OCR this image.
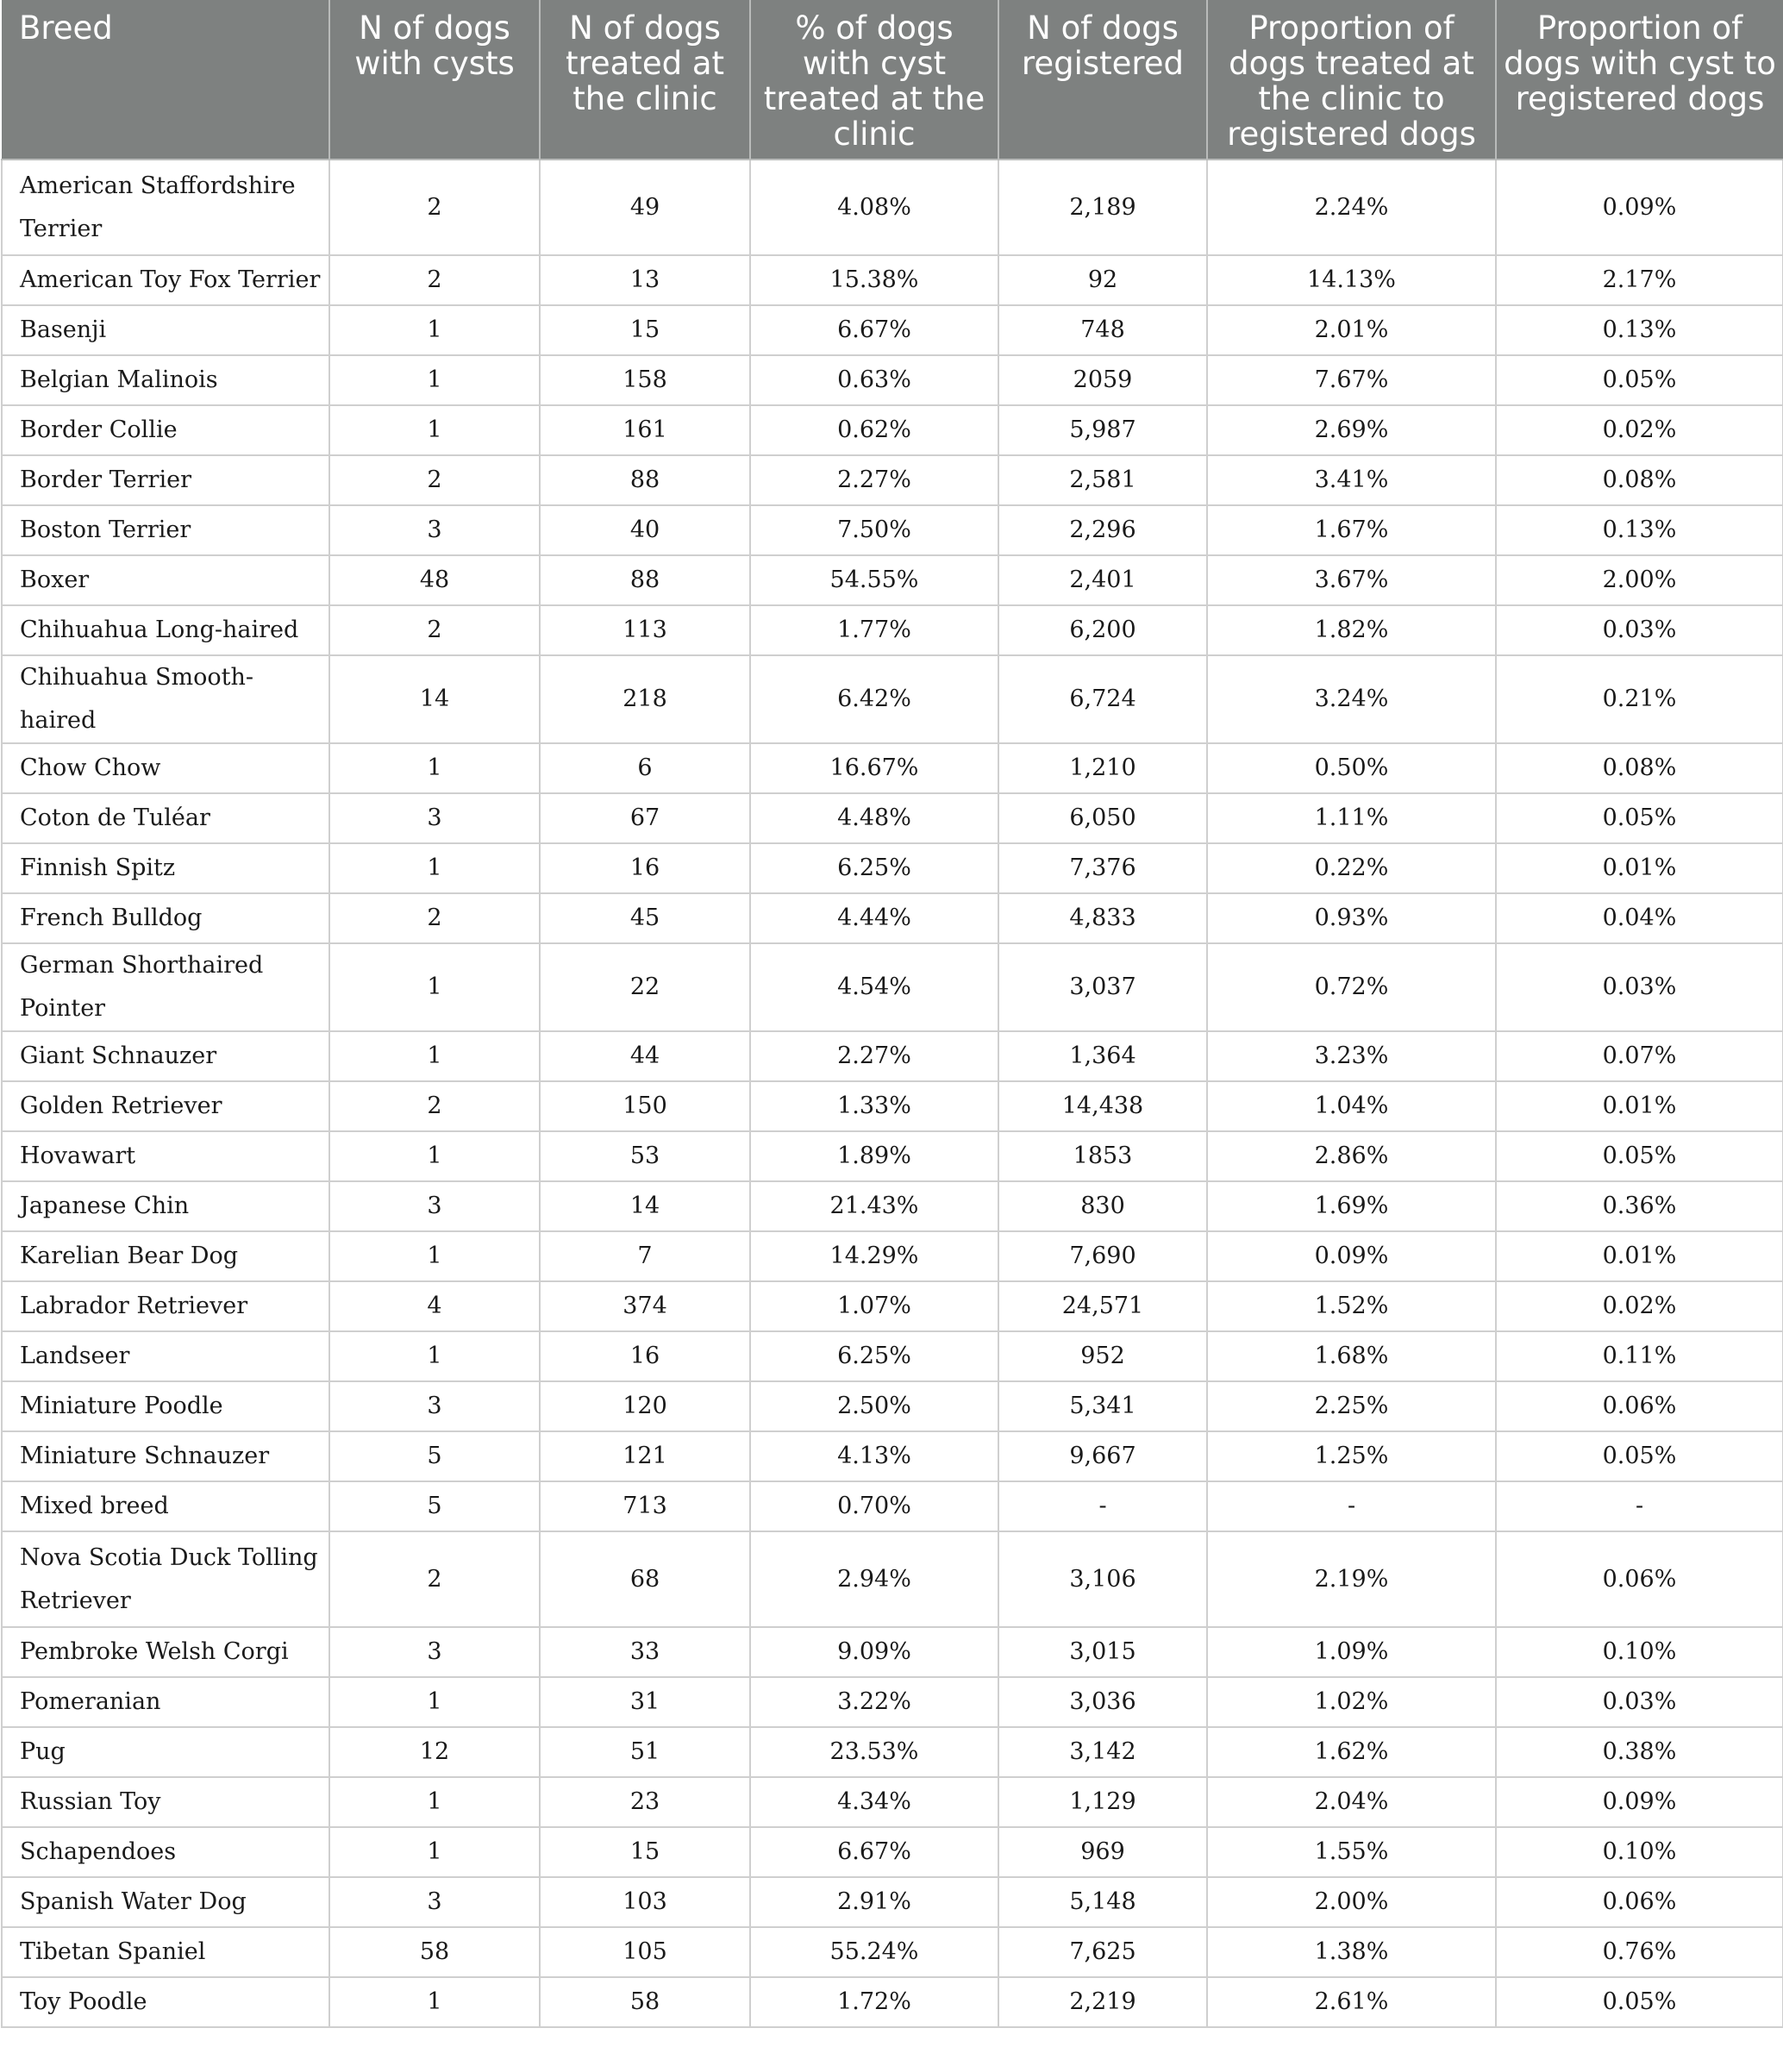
Breed	N of dogs with cysts	N of dogs treated at the clinic	% of dogs with cyst treated at the clinic	N of dogs registered	Proportion of dogs treated at the clinic to registered dogs	Proportion of dogs with cyst to registered dogs
American Staffordshire Terrier	2	49	4.08%	2,189	2.24%	0.09%
American Toy Fox Terrier	2	13	15.38%	92	14.13%	2.17%
Basenji	1	15	6.67%	748	2.01%	0.13%
Belgian Malinois	1	158	0.63%	2059	7.67%	0.05%
Border Collie	1	161	0.62%	5,987	2.69%	0.02%
Border Terrier	2	88	2.27%	2,581	3.41%	0.08%
Boston Terrier	3	40	7.50%	2,296	1.67%	0.13%
Boxer	48	88	54.55%	2,401	3.67%	2.00%
Chihuahua Long-haired	2	113	1.77%	6,200	1.82%	0.03%
Chihuahua Smooth-haired	14	218	6.42%	6,724	3.24%	0.21%
Chow Chow	1	6	16.67%	1,210	0.50%	0.08%
Coton de Tuléar	3	67	4.48%	6,050	1.11%	0.05%
Finnish Spitz	1	16	6.25%	7,376	0.22%	0.01%
French Bulldog	2	45	4.44%	4,833	0.93%	0.04%
German Shorthaired Pointer	1	22	4.54%	3,037	0.72%	0.03%
Giant Schnauzer	1	44	2.27%	1,364	3.23%	0.07%
Golden Retriever	2	150	1.33%	14,438	1.04%	0.01%
Hovawart	1	53	1.89%	1853	2.86%	0.05%
Japanese Chin	3	14	21.43%	830	1.69%	0.36%
Karelian Bear Dog	1	7	14.29%	7,690	0.09%	0.01%
Labrador Retriever	4	374	1.07%	24,571	1.52%	0.02%
Landseer	1	16	6.25%	952	1.68%	0.11%
Miniature Poodle	3	120	2.50%	5,341	2.25%	0.06%
Miniature Schnauzer	5	121	4.13%	9,667	1.25%	0.05%
Mixed breed	5	713	0.70%	-	-	-
Nova Scotia Duck Tolling Retriever	2	68	2.94%	3,106	2.19%	0.06%
Pembroke Welsh Corgi	3	33	9.09%	3,015	1.09%	0.10%
Pomeranian	1	31	3.22%	3,036	1.02%	0.03%
Pug	12	51	23.53%	3,142	1.62%	0.38%
Russian Toy	1	23	4.34%	1,129	2.04%	0.09%
Schapendoes	1	15	6.67%	969	1.55%	0.10%
Spanish Water Dog	3	103	2.91%	5,148	2.00%	0.06%
Tibetan Spaniel	58	105	55.24%	7,625	1.38%	0.76%
Toy Poodle	1	58	1.72%	2,219	2.61%	0.05%
